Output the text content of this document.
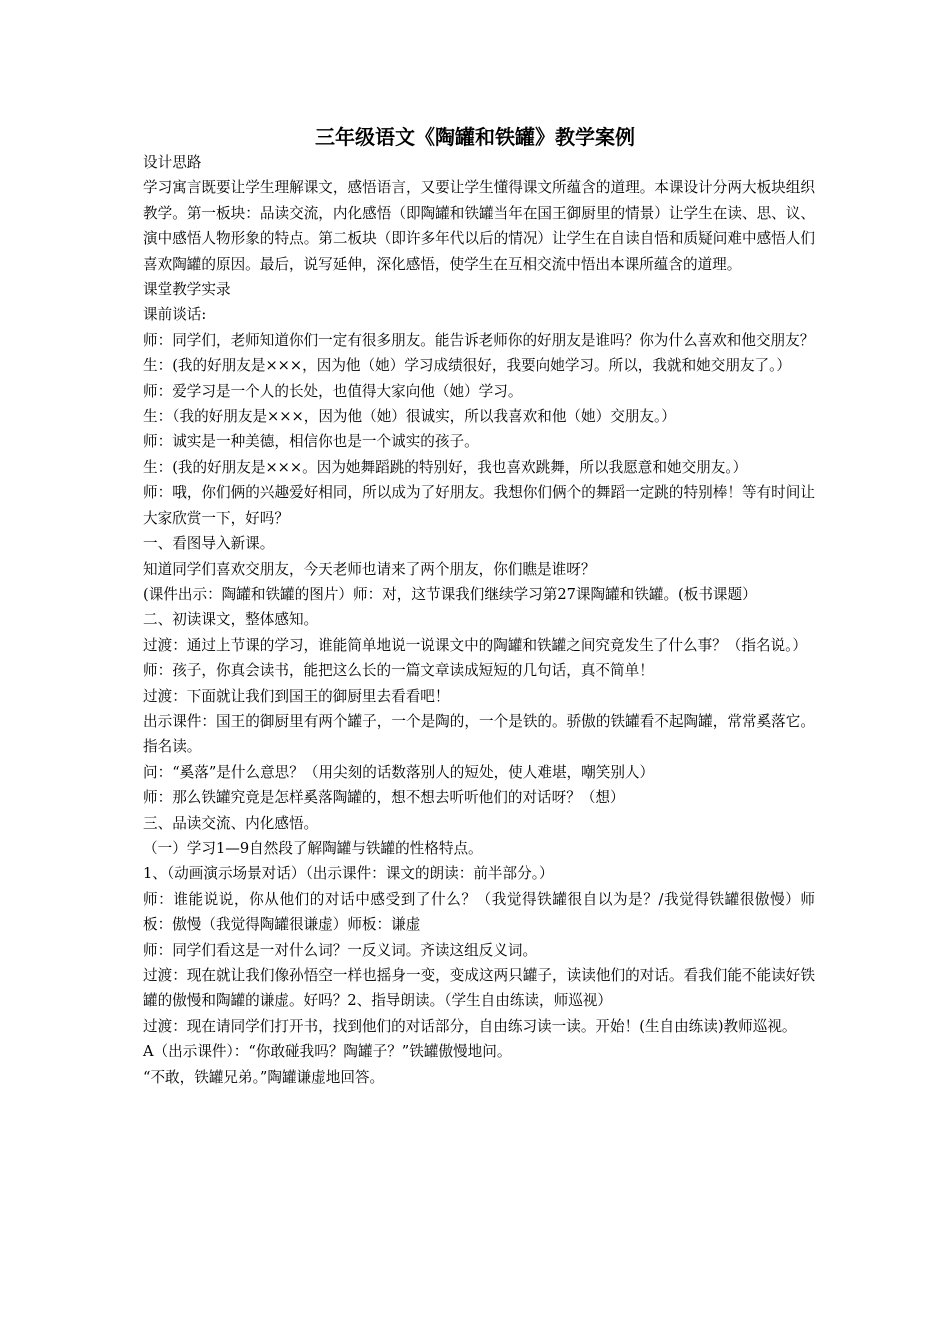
三年级语文《陶罐和铁罐》教学案例

设计思路

学习寓言既要让学生理解课文，感悟语言，又要让学生懂得课文所蕴含的道理。本课设计分两大板块组织教学。第一板块：品读交流，内化感悟（即陶罐和铁罐当年在国王御厨里的情景）让学生在读、思、议、演中感悟人物形象的特点。第二板块（即许多年代以后的情况）让学生在自读自悟和质疑问难中感悟人们喜欢陶罐的原因。最后，说写延伸，深化感悟，使学生在互相交流中悟出本课所蕴含的道理。

课堂教学实录

课前谈话:

师：同学们，老师知道你们一定有很多朋友。能告诉老师你的好朋友是谁吗？你为什么喜欢和他交朋友？

生：(我的好朋友是×××，因为他（她）学习成绩很好，我要向她学习。所以，我就和她交朋友了。）

师：爱学习是一个人的长处，也值得大家向他（她）学习。

生：（我的好朋友是×××，因为他（她）很诚实，所以我喜欢和他（她）交朋友。）

师：诚实是一种美德，相信你也是一个诚实的孩子。

生：(我的好朋友是×××。因为她舞蹈跳的特别好，我也喜欢跳舞，所以我愿意和她交朋友。）

师：哦，你们俩的兴趣爱好相同，所以成为了好朋友。我想你们俩个的舞蹈一定跳的特别棒！等有时间让大家欣赏一下，好吗？

一、看图导入新课。

知道同学们喜欢交朋友，今天老师也请来了两个朋友，你们瞧是谁呀？

(课件出示：陶罐和铁罐的图片）师：对，这节课我们继续学习第27课陶罐和铁罐。(板书课题）

二、初读课文，整体感知。

过渡：通过上节课的学习，谁能简单地说一说课文中的陶罐和铁罐之间究竟发生了什么事？（指名说。）

师：孩子，你真会读书，能把这么长的一篇文章读成短短的几句话，真不简单！

过渡：下面就让我们到国王的御厨里去看看吧！

出示课件：国王的御厨里有两个罐子，一个是陶的，一个是铁的。骄傲的铁罐看不起陶罐，常常奚落它。指名读。

问：“奚落”是什么意思？（用尖刻的话数落别人的短处，使人难堪，嘲笑别人）

师：那么铁罐究竟是怎样奚落陶罐的，想不想去听听他们的对话呀？（想）

三、品读交流、内化感悟。

（一）学习1—9自然段了解陶罐与铁罐的性格特点。

1、（动画演示场景对话）（出示课件：课文的朗读：前半部分。）

师：谁能说说，你从他们的对话中感受到了什么？（我觉得铁罐很自以为是？/我觉得铁罐很傲慢）师板：傲慢（我觉得陶罐很谦虚）师板：谦虚

师：同学们看这是一对什么词？一反义词。齐读这组反义词。

过渡：现在就让我们像孙悟空一样也摇身一变，变成这两只罐子，读读他们的对话。看我们能不能读好铁罐的傲慢和陶罐的谦虚。好吗？2、指导朗读。（学生自由练读，师巡视）

过渡：现在请同学们打开书，找到他们的对话部分，自由练习读一读。开始！(生自由练读)教师巡视。

A（出示课件）：“你敢碰我吗？陶罐子？”铁罐傲慢地问。

“不敢，铁罐兄弟。”陶罐谦虚地回答。
